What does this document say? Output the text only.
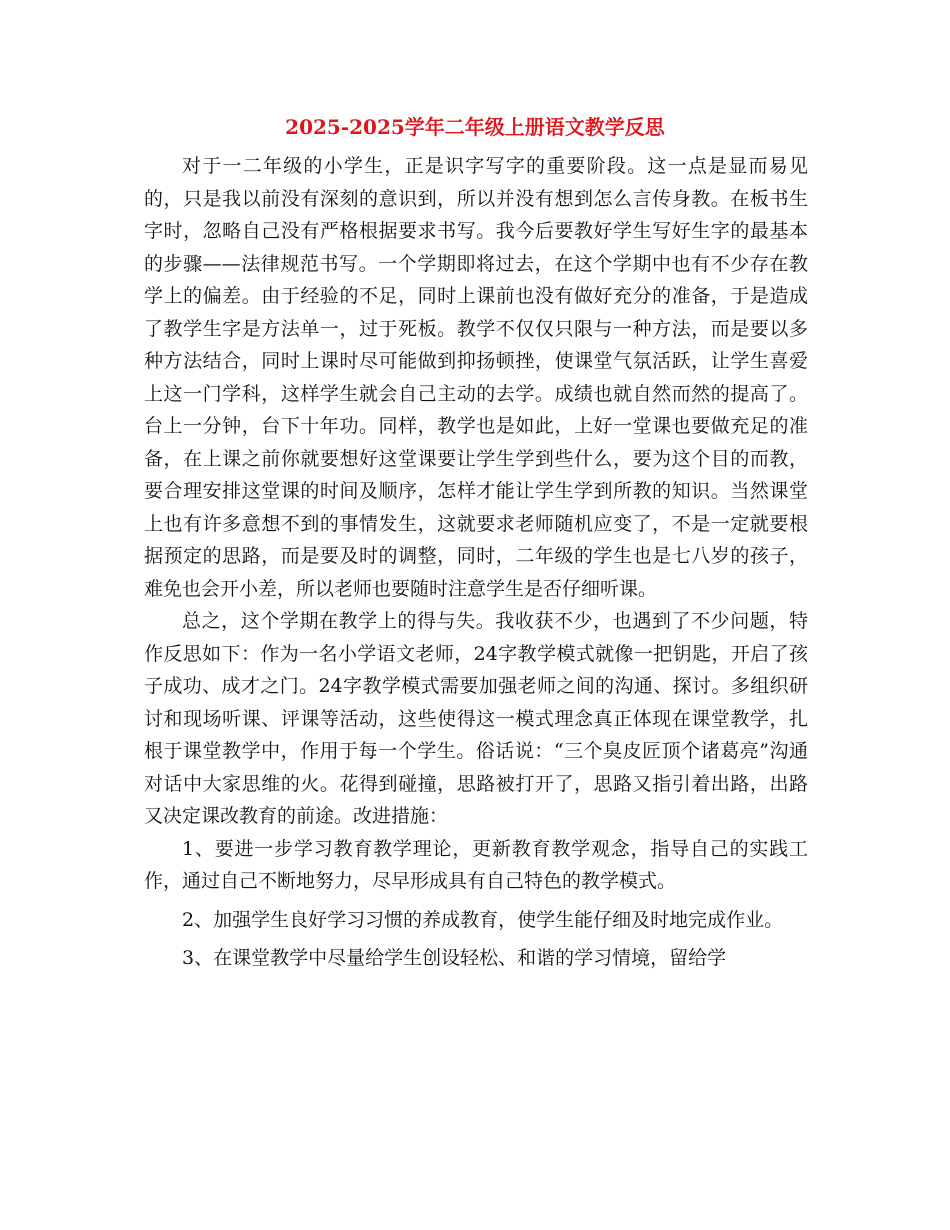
2025-2025学年二年级上册语文教学反思

对于一二年级的小学生，正是识字写字的重要阶段。这一点是显而易见的，只是我以前没有深刻的意识到，所以并没有想到怎么言传身教。在板书生字时，忽略自己没有严格根据要求书写。我今后要教好学生写好生字的最基本的步骤——法律规范书写。一个学期即将过去，在这个学期中也有不少存在教学上的偏差。由于经验的不足，同时上课前也没有做好充分的准备，于是造成了教学生字是方法单一，过于死板。教学不仅仅只限与一种方法，而是要以多种方法结合，同时上课时尽可能做到抑扬顿挫，使课堂气氛活跃，让学生喜爱上这一门学科，这样学生就会自己主动的去学。成绩也就自然而然的提高了。台上一分钟，台下十年功。同样，教学也是如此，上好一堂课也要做充足的准备，在上课之前你就要想好这堂课要让学生学到些什么，要为这个目的而教，要合理安排这堂课的时间及顺序，怎样才能让学生学到所教的知识。当然课堂上也有许多意想不到的事情发生，这就要求老师随机应变了，不是一定就要根据预定的思路，而是要及时的调整，同时，二年级的学生也是七八岁的孩子，难免也会开小差，所以老师也要随时注意学生是否仔细听课。

总之，这个学期在教学上的得与失。我收获不少，也遇到了不少问题，特作反思如下：作为一名小学语文老师，24字教学模式就像一把钥匙，开启了孩子成功、成才之门。24字教学模式需要加强老师之间的沟通、探讨。多组织研讨和现场听课、评课等活动，这些使得这一模式理念真正体现在课堂教学，扎根于课堂教学中，作用于每一个学生。俗话说：“三个臭皮匠顶个诸葛亮”沟通对话中大家思维的火。花得到碰撞，思路被打开了，思路又指引着出路，出路又决定课改教育的前途。改进措施：

1、要进一步学习教育教学理论，更新教育教学观念，指导自己的实践工作，通过自己不断地努力，尽早形成具有自己特色的教学模式。

2、加强学生良好学习习惯的养成教育，使学生能仔细及时地完成作业。

3、在课堂教学中尽量给学生创设轻松、和谐的学习情境，留给学
